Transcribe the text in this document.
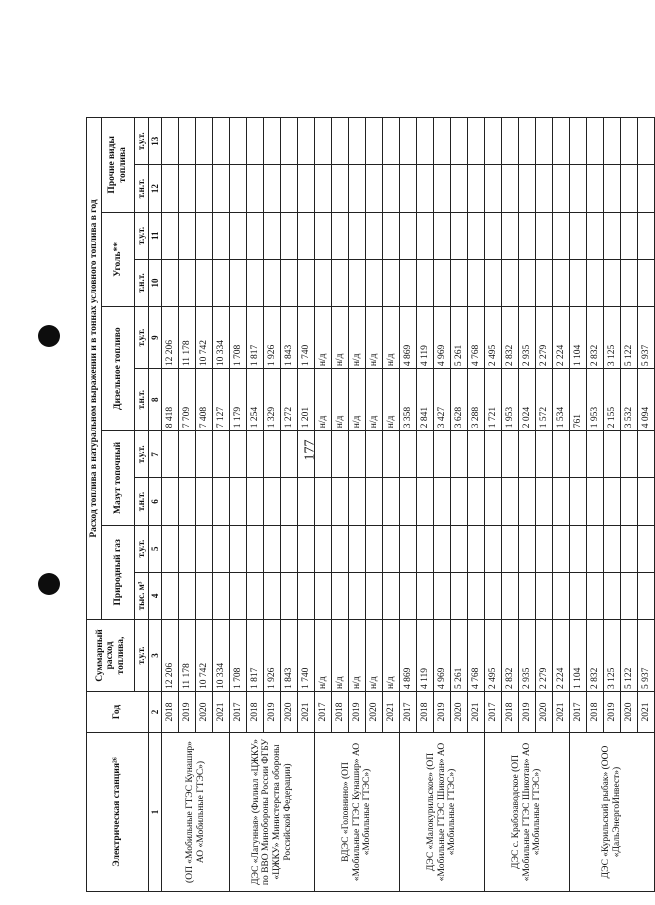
177
Электрическая станция²⁶	Год	Суммарный расход топлива,	Расход топлива в натуральном выражении и в тоннах условного топлива в год									
			Природный газ		Мазут топочный		Дизельное топливо		Уголь**		Прочие виды топлива	
		т.у.т.	тыс. м³	т.у.т.	т.н.т.	т.у.т.	т.н.т.	т.у.т.	т.н.т.	т.у.т.	т.н.т.	т.у.т.
1	2	3	4	5	6	7	8	9	10	11	12	13
(ОП «Мобильные ГТЭС Кунашир» АО «Мобильные ГТЭС»)	2018	12 206					8 418	12 206				
	2019	11 178					7 709	11 178				
	2020	10 742					7 408	10 742				
	2021	10 334					7 127	10 334				
ДЭС «Лагунная» (Филиал «ЦЖКУ» по ВВО Минобороны России ФГБУ «ЦЖКУ» Министерства обороны Российской Федерации)	2017	1 708					1 179	1 708				
	2018	1 817					1 254	1 817				
	2019	1 926					1 329	1 926				
	2020	1 843					1 272	1 843				
	2021	1 740					1 201	1 740				
ВДЭС «Головнино» (ОП «Мобильные ГТЭС Кунашир» АО «Мобильные ГТЭС»)	2017	н/д					н/д	н/д				
	2018	н/д					н/д	н/д				
	2019	н/д					н/д	н/д				
	2020	н/д					н/д	н/д				
	2021	н/д					н/д	н/д				
ДЭС «Малокурильское» (ОП «Мобильные ГТЭС Шикотан» АО «Мобильные ГТЭС»)	2017	4 869					3 358	4 869				
	2018	4 119					2 841	4 119				
	2019	4 969					3 427	4 969				
	2020	5 261					3 628	5 261				
	2021	4 768					3 288	4 768				
ДЭС с. Крабозаводское (ОП «Мобильные ГТЭС Шикотан» АО «Мобильные ГТЭС»)	2017	2 495					1 721	2 495				
	2018	2 832					1 953	2 832				
	2019	2 935					2 024	2 935				
	2020	2 279					1 572	2 279				
	2021	2 224					1 534	2 224				
ДЭС «Курильский рыбак» (ООО «ДальЭнергоИнвест»)	2017	1 104					761	1 104				
	2018	2 832					1 953	2 832				
	2019	3 125					2 155	3 125				
	2020	5 122					3 532	5 122				
	2021	5 937					4 094	5 937				
